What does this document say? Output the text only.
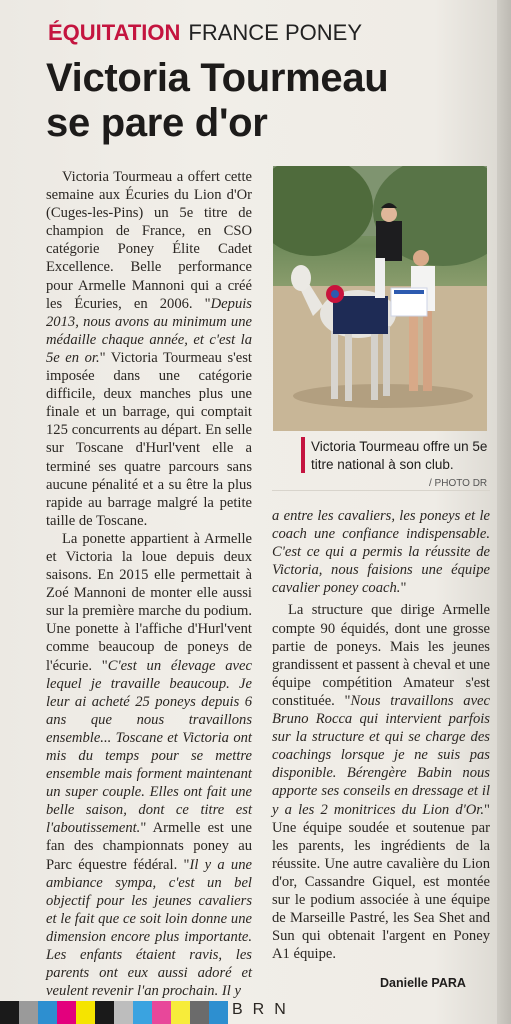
ÉQUITATION FRANCE PONEY
Victoria Tourmeau
se pare d'or

Victoria Tourmeau a offert cette semaine aux Écuries du Lion d'Or (Cuges-les-Pins) un 5e titre de champion de France, en CSO catégorie Poney Élite Cadet Excellence. Belle performance pour Armelle Mannoni qui a créé les Écuries, en 2006. "Depuis 2013, nous avons au minimum une médaille chaque année, et c'est la 5e en or." Victoria Tourmeau s'est imposée dans une catégorie difficile, deux manches plus une finale et un barrage, qui comptait 125 concurrents au départ. En selle sur Toscane d'Hurl'vent elle a terminé ses quatre parcours sans aucune pénalité et a su être la plus rapide au barrage malgré la petite taille de Toscane.

La ponette appartient à Armelle et Victoria la loue depuis deux saisons. En 2015 elle permettait à Zoé Mannoni de monter elle aussi sur la première marche du podium. Une ponette à l'affiche d'Hurl'vent comme beaucoup de poneys de l'écurie. "C'est un élevage avec lequel je travaille beaucoup. Je leur ai acheté 25 poneys depuis 6 ans que nous travaillons ensemble... Toscane et Victoria ont mis du temps pour se mettre ensemble mais forment maintenant un super couple. Elles ont fait une belle saison, dont ce titre est l'aboutissement." Armelle est une fan des championnats poney au Parc équestre fédéral. "Il y a une ambiance sympa, c'est un bel objectif pour les jeunes cavaliers et le fait que ce soit loin donne une dimension encore plus importante. Les enfants étaient ravis, les parents ont eux aussi adoré et veulent revenir l'an prochain. Il y

Victoria Tourmeau offre un 5e titre national à son club.
/ PHOTO DR

a entre les cavaliers, les poneys et le coach une confiance indispensable. C'est ce qui a permis la réussite de Victoria, nous faisions une équipe cavalier poney coach."

La structure que dirige Armelle compte 90 équidés, dont une grosse partie de poneys. Mais les jeunes grandissent et passent à cheval et une équipe compétition Amateur s'est constituée. "Nous travaillons avec Bruno Rocca qui intervient parfois sur la structure et qui se charge des coachings lorsque je ne suis pas disponible. Bérengère Babin nous apporte ses conseils en dressage et il y a les 2 monitrices du Lion d'Or." Une équipe soudée et soutenue par les parents, les ingrédients de la réussite. Une autre cavalière du Lion d'or, Cassandre Giquel, est montée sur le podium associée à une équipe de Marseille Pastré, les Sea Shet and Sun qui obtenait l'argent en Poney A1 équipe.

Danielle PARA
BRN
